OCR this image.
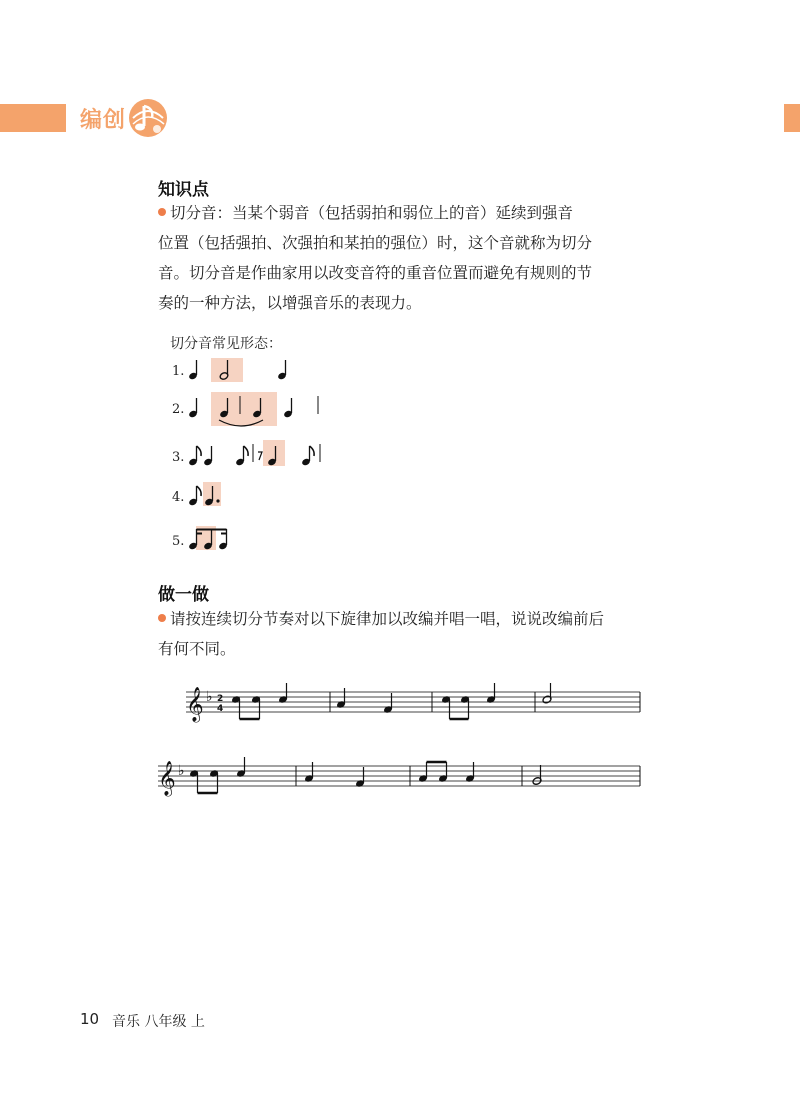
编创
知识点
切分音：当某个弱音（包括弱拍和弱位上的音）延续到强音
位置（包括强拍、次强拍和某拍的强位）时，这个音就称为切分
音。切分音是作曲家用以改变音符的重音位置而避免有规则的节
奏的一种方法，以增强音乐的表现力。
切分音常见形态：
1.
2.
3.
4.
5.
做一做
请按连续切分节奏对以下旋律加以改编并唱一唱，说说改编前后
有何不同。
𝄞 ♭ 2
4
𝄞 ♭
10 音乐 八年级 上
